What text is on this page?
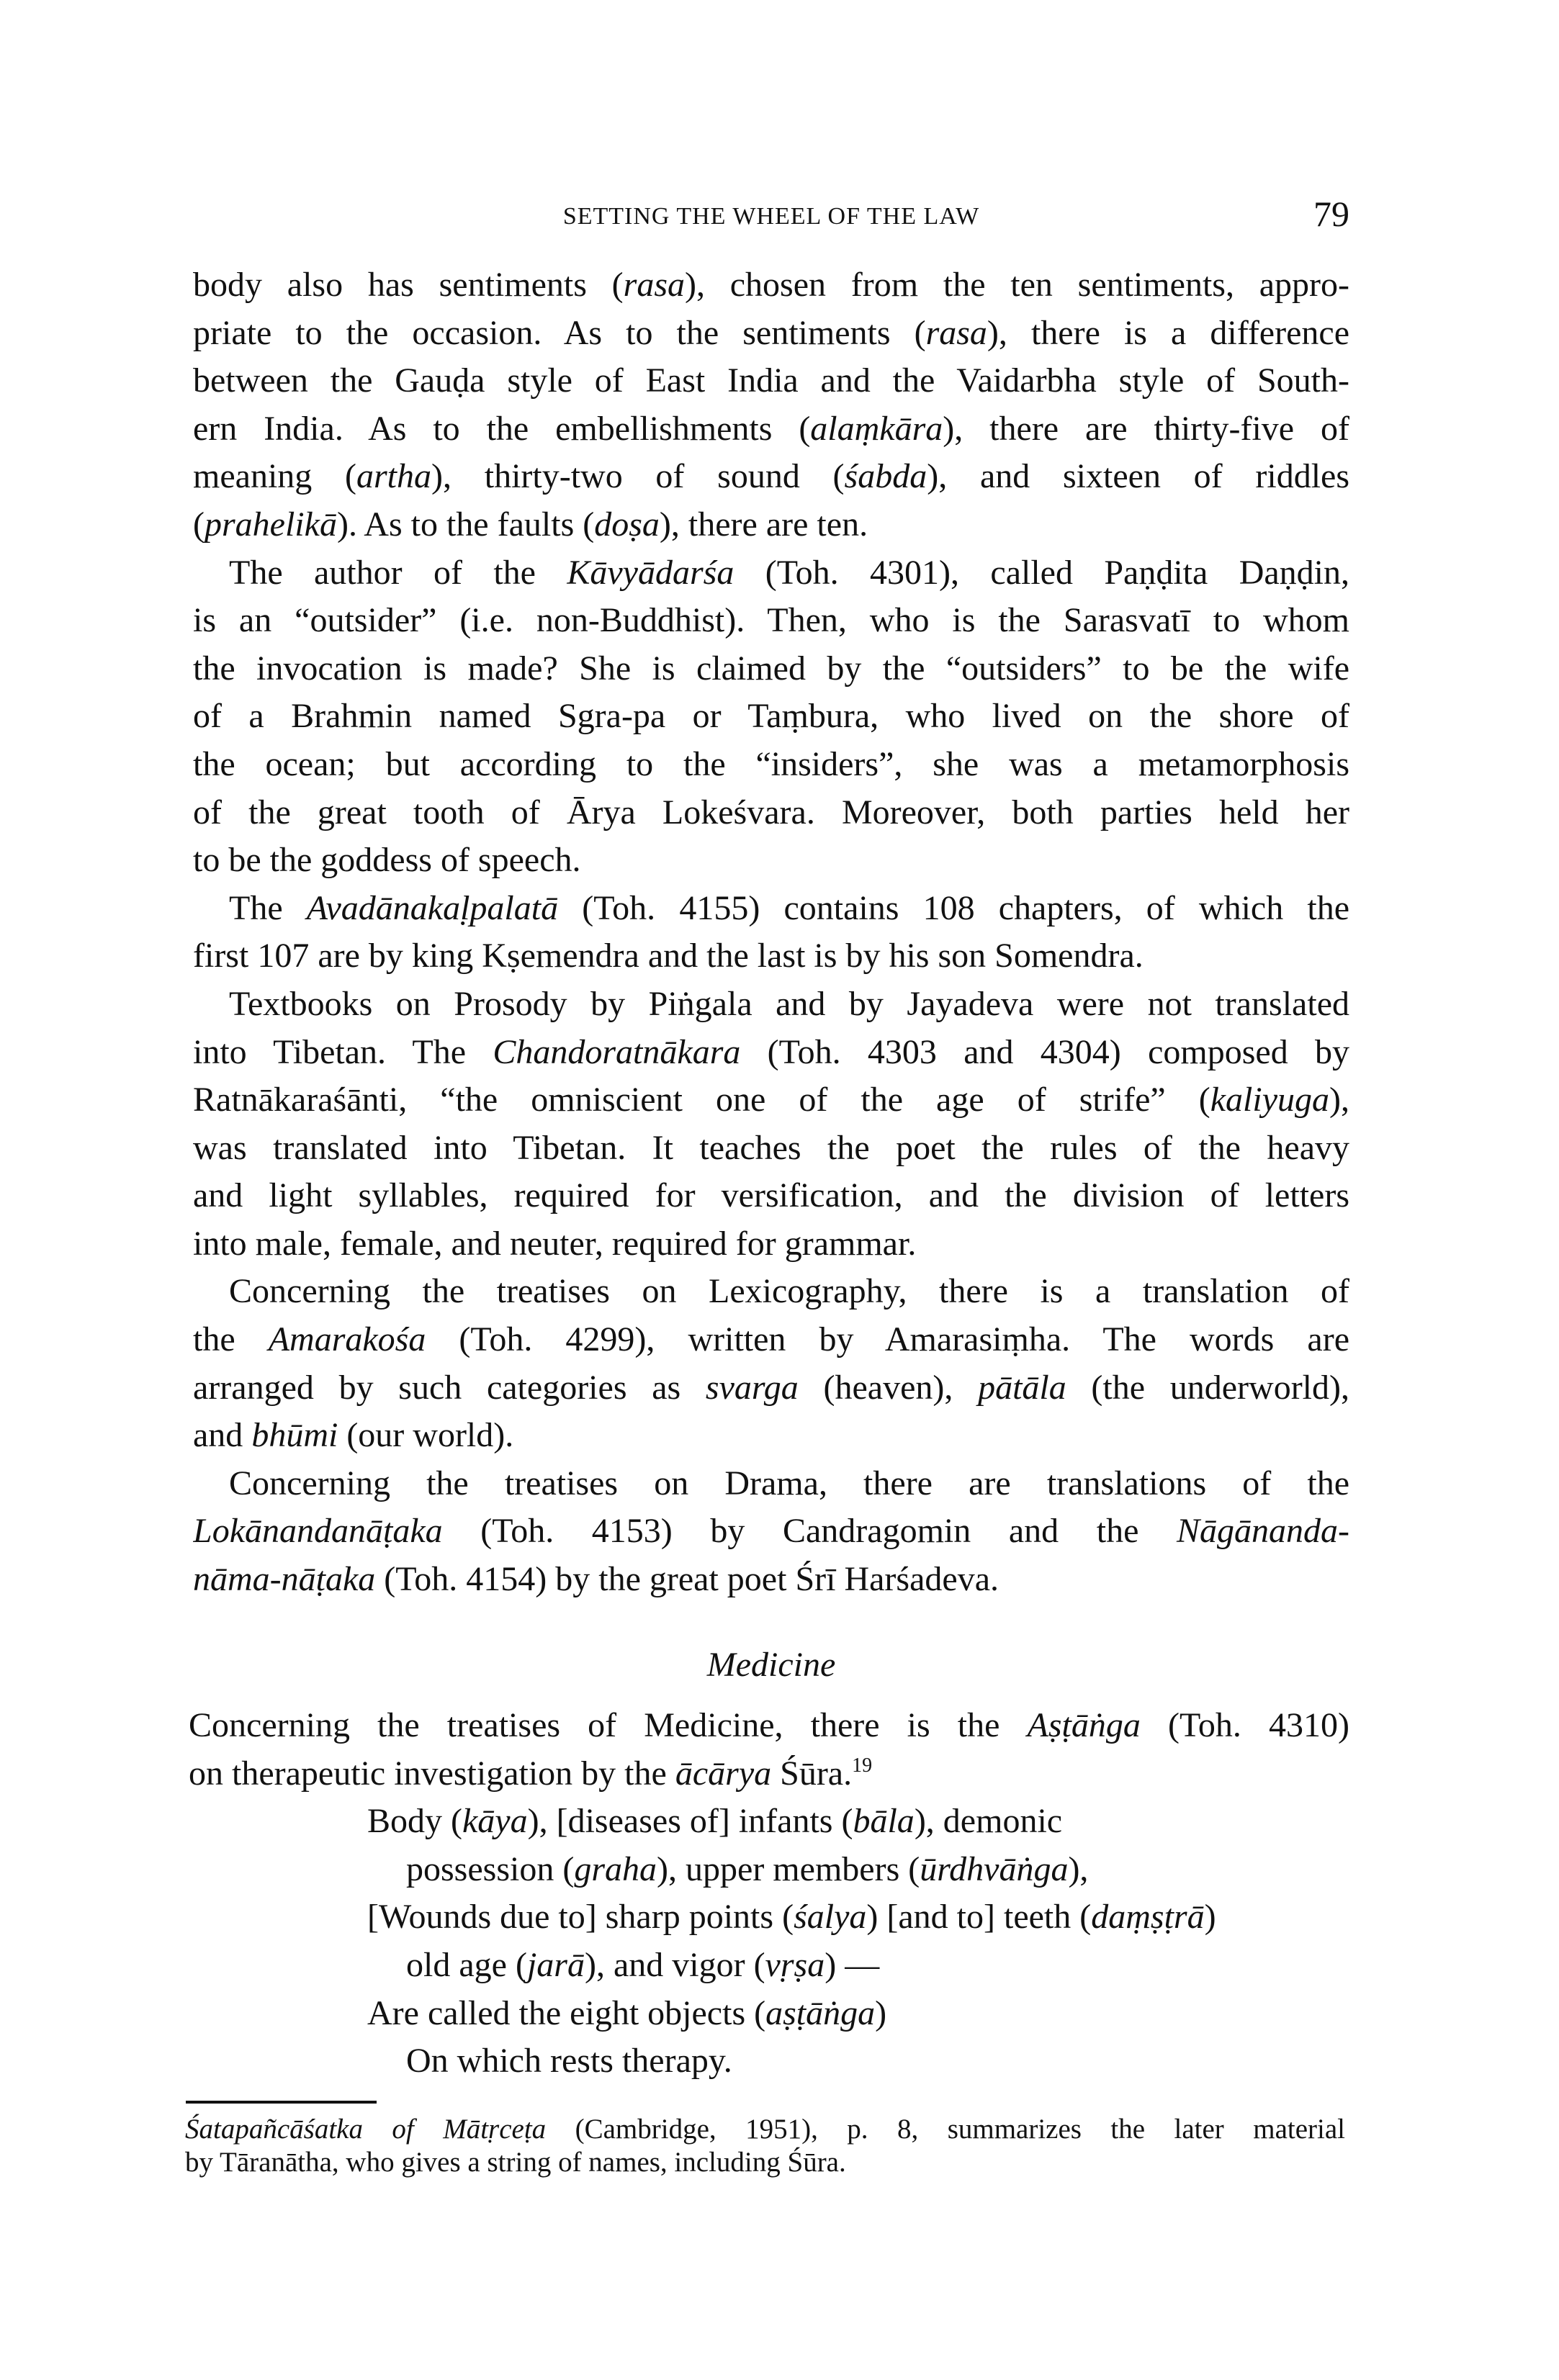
SETTING THE WHEEL OF THE LAW	79
body also has sentiments (rasa), chosen from the ten sentiments, appro-
priate to the occasion. As to the sentiments (rasa), there is a difference
between the Gauḍa style of East India and the Vaidarbha style of South-
ern India. As to the embellishments (alaṃkāra), there are thirty-five of
meaning (artha), thirty-two of sound (śabda), and sixteen of riddles
(prahelikā). As to the faults (doṣa), there are ten.
The author of the Kāvyādarśa (Toh. 4301), called Paṇḍita Daṇḍin,
is an “outsider” (i.e. non-Buddhist). Then, who is the Sarasvatī to whom
the invocation is made? She is claimed by the “outsiders” to be the wife
of a Brahmin named Sgra-pa or Taṃbura, who lived on the shore of
the ocean; but according to the “insiders”, she was a metamorphosis
of the great tooth of Ārya Lokeśvara. Moreover, both parties held her
to be the goddess of speech.
The Avadānakaḷpalatā (Toh. 4155) contains 108 chapters, of which the
first 107 are by king Kṣemendra and the last is by his son Somendra.
Textbooks on Prosody by Piṅgala and by Jayadeva were not translated
into Tibetan. The Chandoratnākara (Toh. 4303 and 4304) composed by
Ratnākaraśānti, “the omniscient one of the age of strife” (kaliyuga),
was translated into Tibetan. It teaches the poet the rules of the heavy
and light syllables, required for versification, and the division of letters
into male, female, and neuter, required for grammar.
Concerning the treatises on Lexicography, there is a translation of
the Amarakośa (Toh. 4299), written by Amarasiṃha. The words are
arranged by such categories as svarga (heaven), pātāla (the underworld),
and bhūmi (our world).
Concerning the treatises on Drama, there are translations of the
Lokānandanāṭaka (Toh. 4153) by Candragomin and the Nāgānanda-
nāma-nāṭaka (Toh. 4154) by the great poet Śrī Harśadeva.
Medicine
Concerning the treatises of Medicine, there is the Aṣṭāṅga (Toh. 4310)
on therapeutic investigation by the ācārya Śūra.$^{19}$
Body (kāya), [diseases of] infants (bāla), demonic
possession (graha), upper members (ūrdhvāṅga),
[Wounds due to] sharp points (śalya) [and to] teeth (daṃṣṭrā)
old age (jarā), and vigor (vṛṣa) —
Are called the eight objects (aṣṭāṅga)
On which rests therapy.
Śatapañcāśatka of Mātṛceṭa (Cambridge, 1951), p. 8, summarizes the later material
by Tāranātha, who gives a string of names, including Śūra.
